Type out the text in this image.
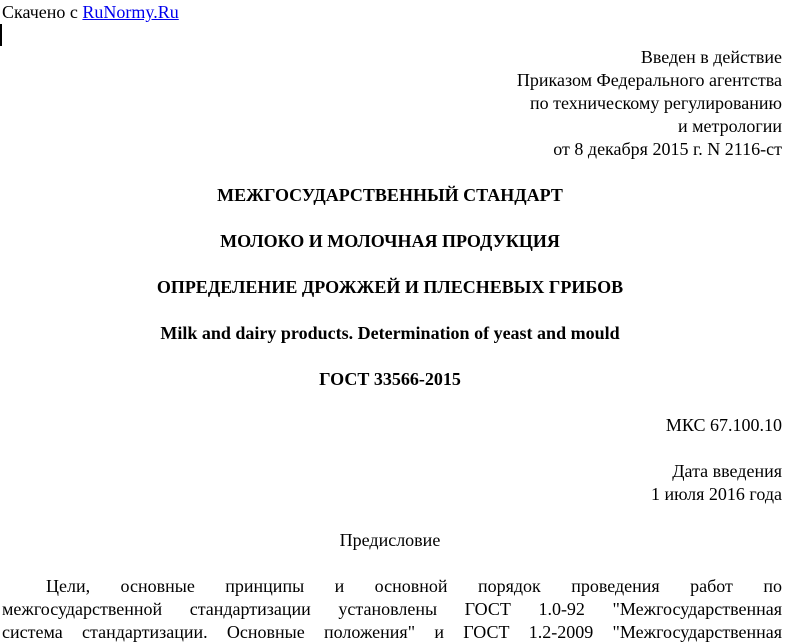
Скачено с RuNormy.Ru
Введен в действие
Приказом Федерального агентства
по техническому регулированию
и метрологии
от 8 декабря 2015 г. N 2116-ст
МЕЖГОСУДАРСТВЕННЫЙ СТАНДАРТ
МОЛОКО И МОЛОЧНАЯ ПРОДУКЦИЯ
ОПРЕДЕЛЕНИЕ ДРОЖЖЕЙ И ПЛЕСНЕВЫХ ГРИБОВ
Milk and dairy products. Determination of yeast and mould
ГОСТ 33566-2015
МКС 67.100.10
Дата введения
1 июля 2016 года
Предисловие
Цели, основные принципы и основной порядок проведения работ по
межгосударственной стандартизации установлены ГОСТ 1.0-92 "Межгосударственная
система стандартизации. Основные положения" и ГОСТ 1.2-2009 "Межгосударственная
